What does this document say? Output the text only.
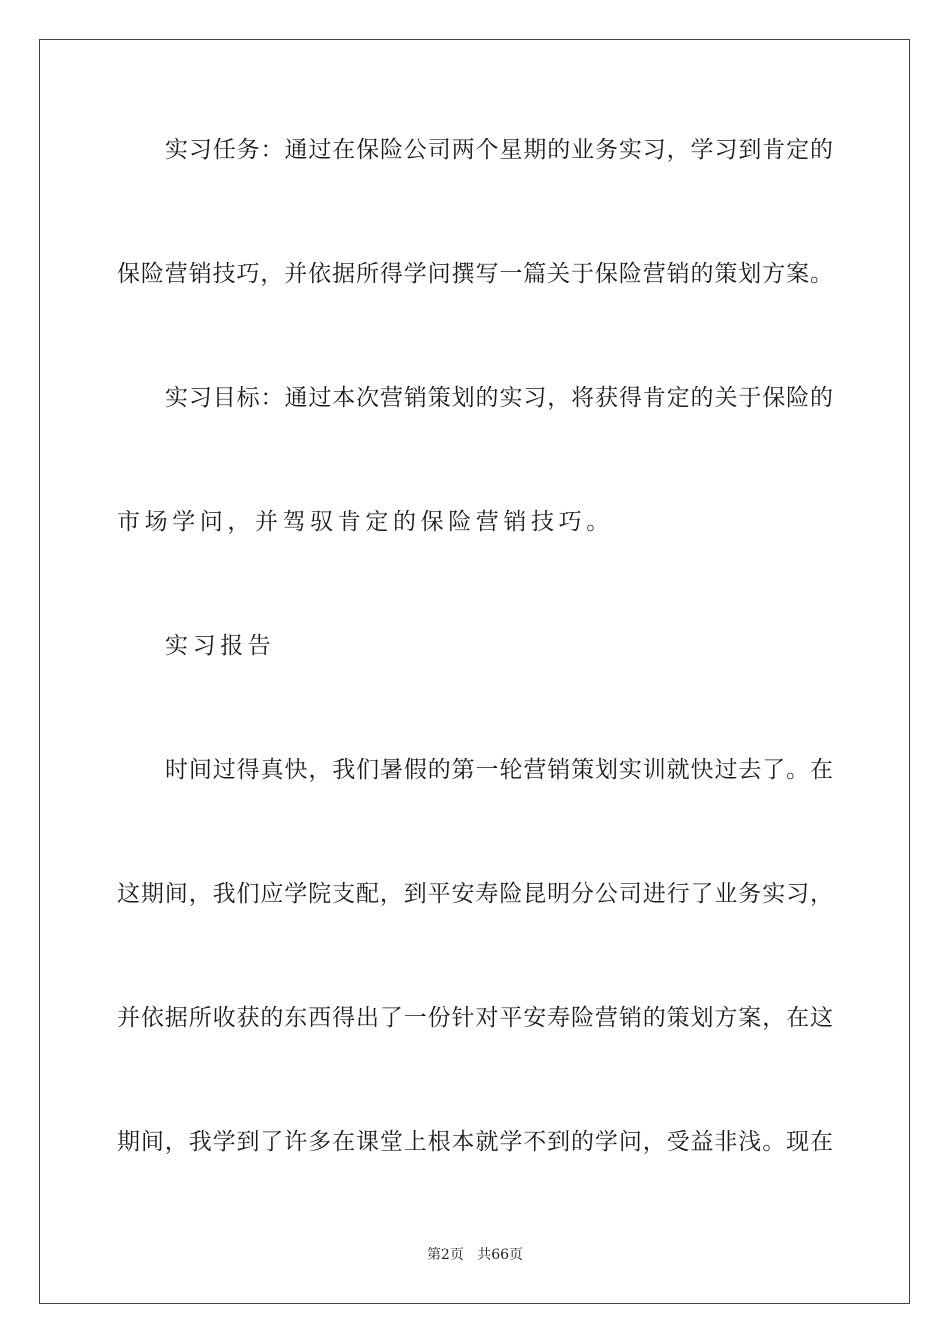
实习任务：通过在保险公司两个星期的业务实习，学习到肯定的
保险营销技巧，并依据所得学问撰写一篇关于保险营销的策划方案。
实习目标：通过本次营销策划的实习，将获得肯定的关于保险的
市场学问，并驾驭肯定的保险营销技巧。
实习报告
时间过得真快，我们暑假的第一轮营销策划实训就快过去了。在
这期间，我们应学院支配，到平安寿险昆明分公司进行了业务实习，
并依据所收获的东西得出了一份针对平安寿险营销的策划方案，在这
期间，我学到了许多在课堂上根本就学不到的学问，受益非浅。现在
第2页 共66页
